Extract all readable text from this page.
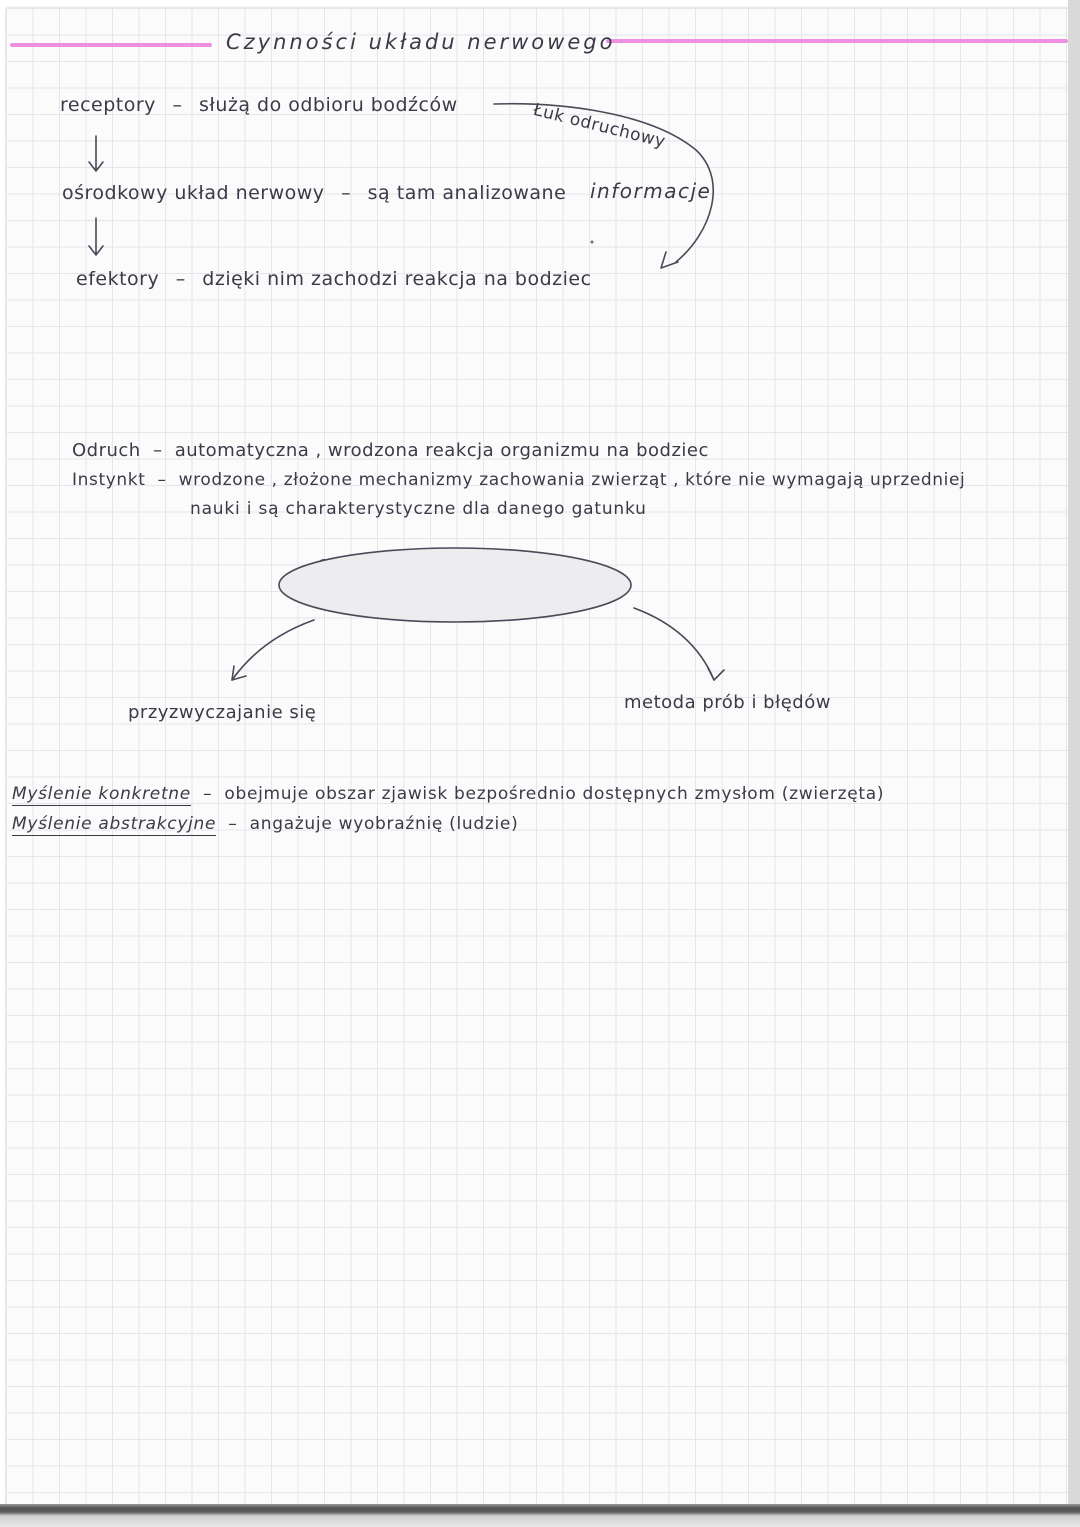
Czynności układu nerwowego
receptory – służą do odbioru bodźców
ośrodkowy układ nerwowy – są tam analizowane informacje
efektory – dzięki nim zachodzi reakcja na bodziec
Łuk odruchowy
Odruch – automatyczna , wrodzona reakcja organizmu na bodziec
Instynkt – wrodzone , złożone mechanizmy zachowania zwierząt , które nie wymagają uprzedniej
nauki i są charakterystyczne dla danego gatunku
przyzwyczajanie się	metoda prób i błędów
Myślenie konkretne – obejmuje obszar zjawisk bezpośrednio dostępnych zmysłom (zwierzęta)
Myślenie abstrakcyjne – angażuje wyobraźnię (ludzie)
